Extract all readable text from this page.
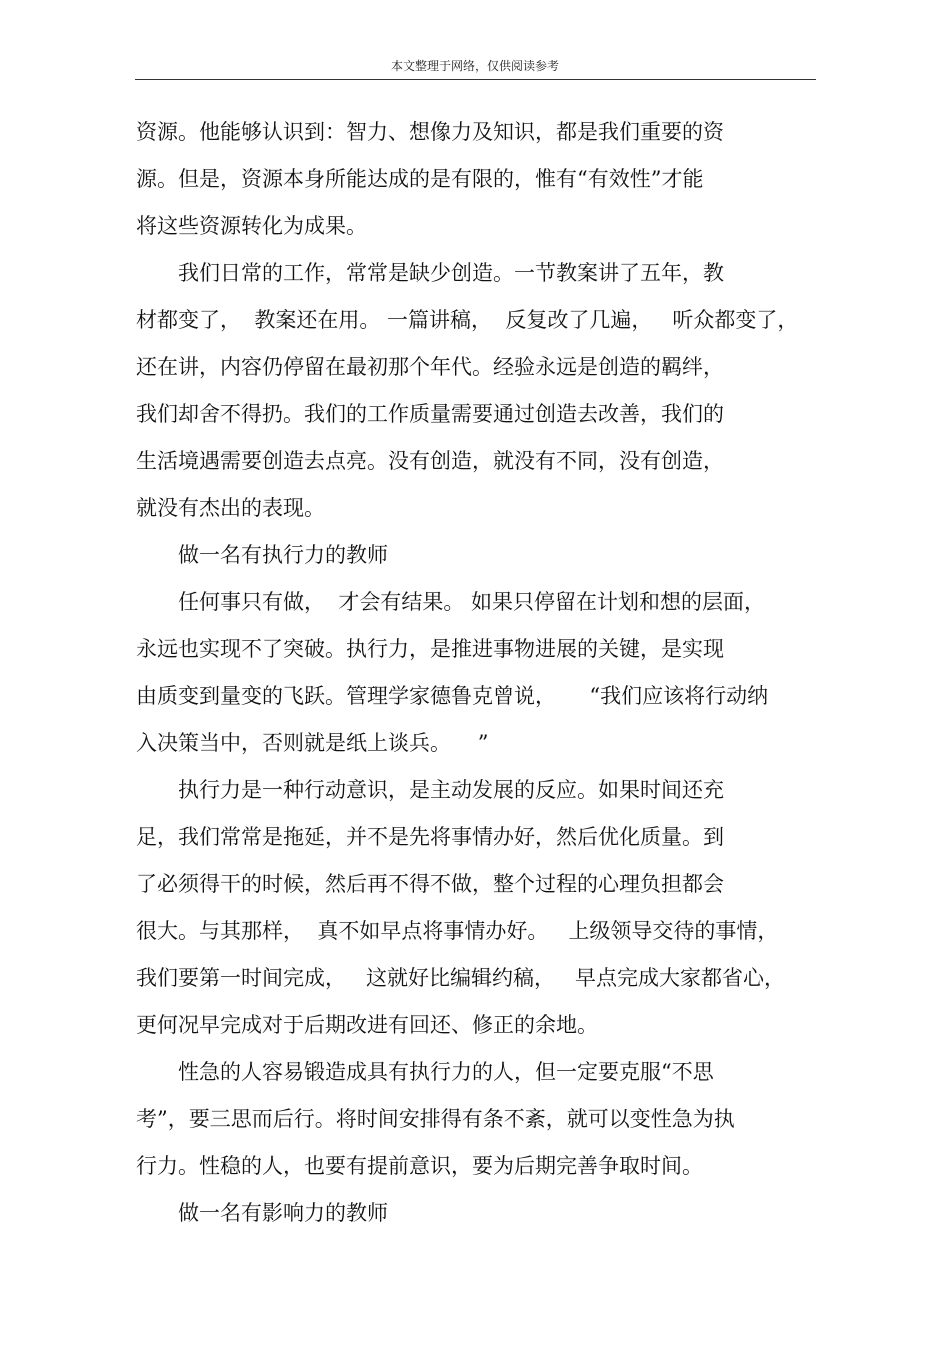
本文整理于网络，仅供阅读参考
资源。他能够认识到：智力、想像力及知识，都是我们重要的资
源。但是，资源本身所能达成的是有限的，惟有“有效性”才能
将这些资源转化为成果。
　　我们日常的工作，常常是缺少创造。一节教案讲了五年，教
材都变了，  教案还在用。 一篇讲稿，  反复改了几遍，   听众都变了，
还在讲，内容仍停留在最初那个年代。经验永远是创造的羁绊，
我们却舍不得扔。我们的工作质量需要通过创造去改善，我们的
生活境遇需要创造去点亮。没有创造，就没有不同，没有创造，
就没有杰出的表现。
　　做一名有执行力的教师
　　任何事只有做，  才会有结果。 如果只停留在计划和想的层面，
永远也实现不了突破。执行力，是推进事物进展的关键，是实现
由质变到量变的飞跃。管理学家德鲁克曾说，     “我们应该将行动纳
入决策当中，否则就是纸上谈兵。    ”
　　执行力是一种行动意识，是主动发展的反应。如果时间还充
足，我们常常是拖延，并不是先将事情办好，然后优化质量。到
了必须得干的时候，然后再不得不做，整个过程的心理负担都会
很大。与其那样，  真不如早点将事情办好。   上级领导交待的事情，
我们要第一时间完成，   这就好比编辑约稿，   早点完成大家都省心，
更何况早完成对于后期改进有回还、修正的余地。
　　性急的人容易锻造成具有执行力的人，但一定要克服“不思
考”，要三思而后行。将时间安排得有条不紊，就可以变性急为执
行力。性稳的人，也要有提前意识，要为后期完善争取时间。
　　做一名有影响力的教师
